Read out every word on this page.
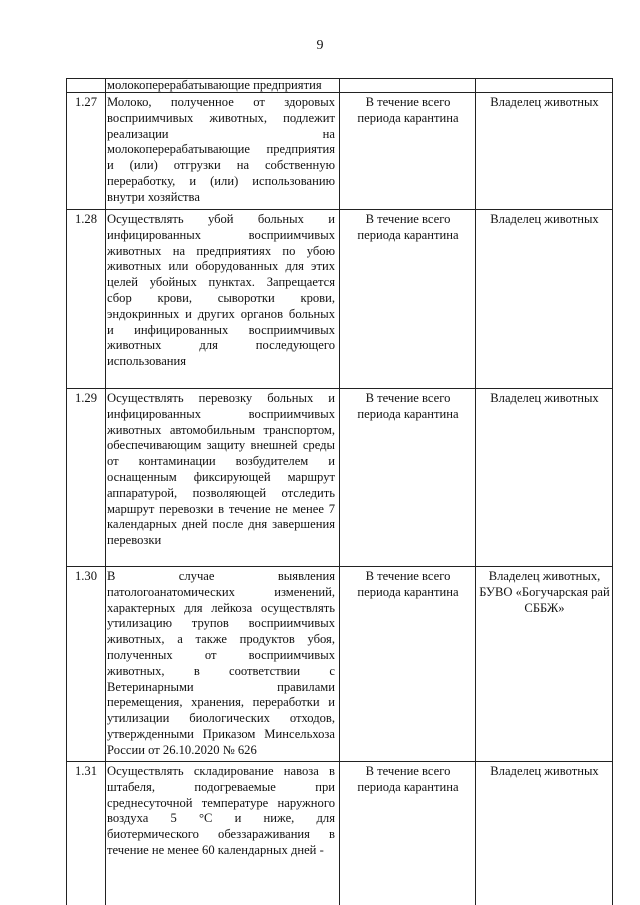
9
молокоперерабатывающие предприятия
1.27 Молоко, полученное от здоровых
восприимчивых животных, подлежит
реализации на
молокоперерабатывающие предприятия
и (или) отгрузки на собственную
переработку, и (или) использованию
внутри хозяйства
В течение всего периода карантина
Владелец животных
1.28 Осуществлять убой больных и
инфицированных восприимчивых
животных на предприятиях по убою
животных или оборудованных для этих
целей убойных пунктах. Запрещается
сбор крови, сыворотки крови,
эндокринных и других органов больных
и инфицированных восприимчивых
животных для последующего
использования
В течение всего периода карантина
Владелец животных
1.29 Осуществлять перевозку больных и
инфицированных восприимчивых
животных автомобильным транспортом,
обеспечивающим защиту внешней среды
от контаминации возбудителем и
оснащенным фиксирующей маршрут
аппаратурой, позволяющей отследить
маршрут перевозки в течение не менее 7
календарных дней после дня завершения
перевозки
В течение всего периода карантина
Владелец животных
1.30 В случае выявления
патологоанатомических изменений,
характерных для лейкоза осуществлять
утилизацию трупов восприимчивых
животных, а также продуктов убоя,
полученных от восприимчивых
животных, в соответствии с
Ветеринарными правилами
перемещения, хранения, переработки и
утилизации биологических отходов,
утвержденными Приказом Минсельхоза
России от 26.10.2020 № 626
В течение всего периода карантина
Владелец животных, БУВО «Богучарская рай СББЖ»
1.31 Осуществлять складирование навоза в
штабеля, подогреваемые при
среднесуточной температуре наружного
воздуха 5 °С и ниже, для
биотермического обеззараживания в
течение не менее 60 календарных дней -
В течение всего периода карантина
Владелец животных
